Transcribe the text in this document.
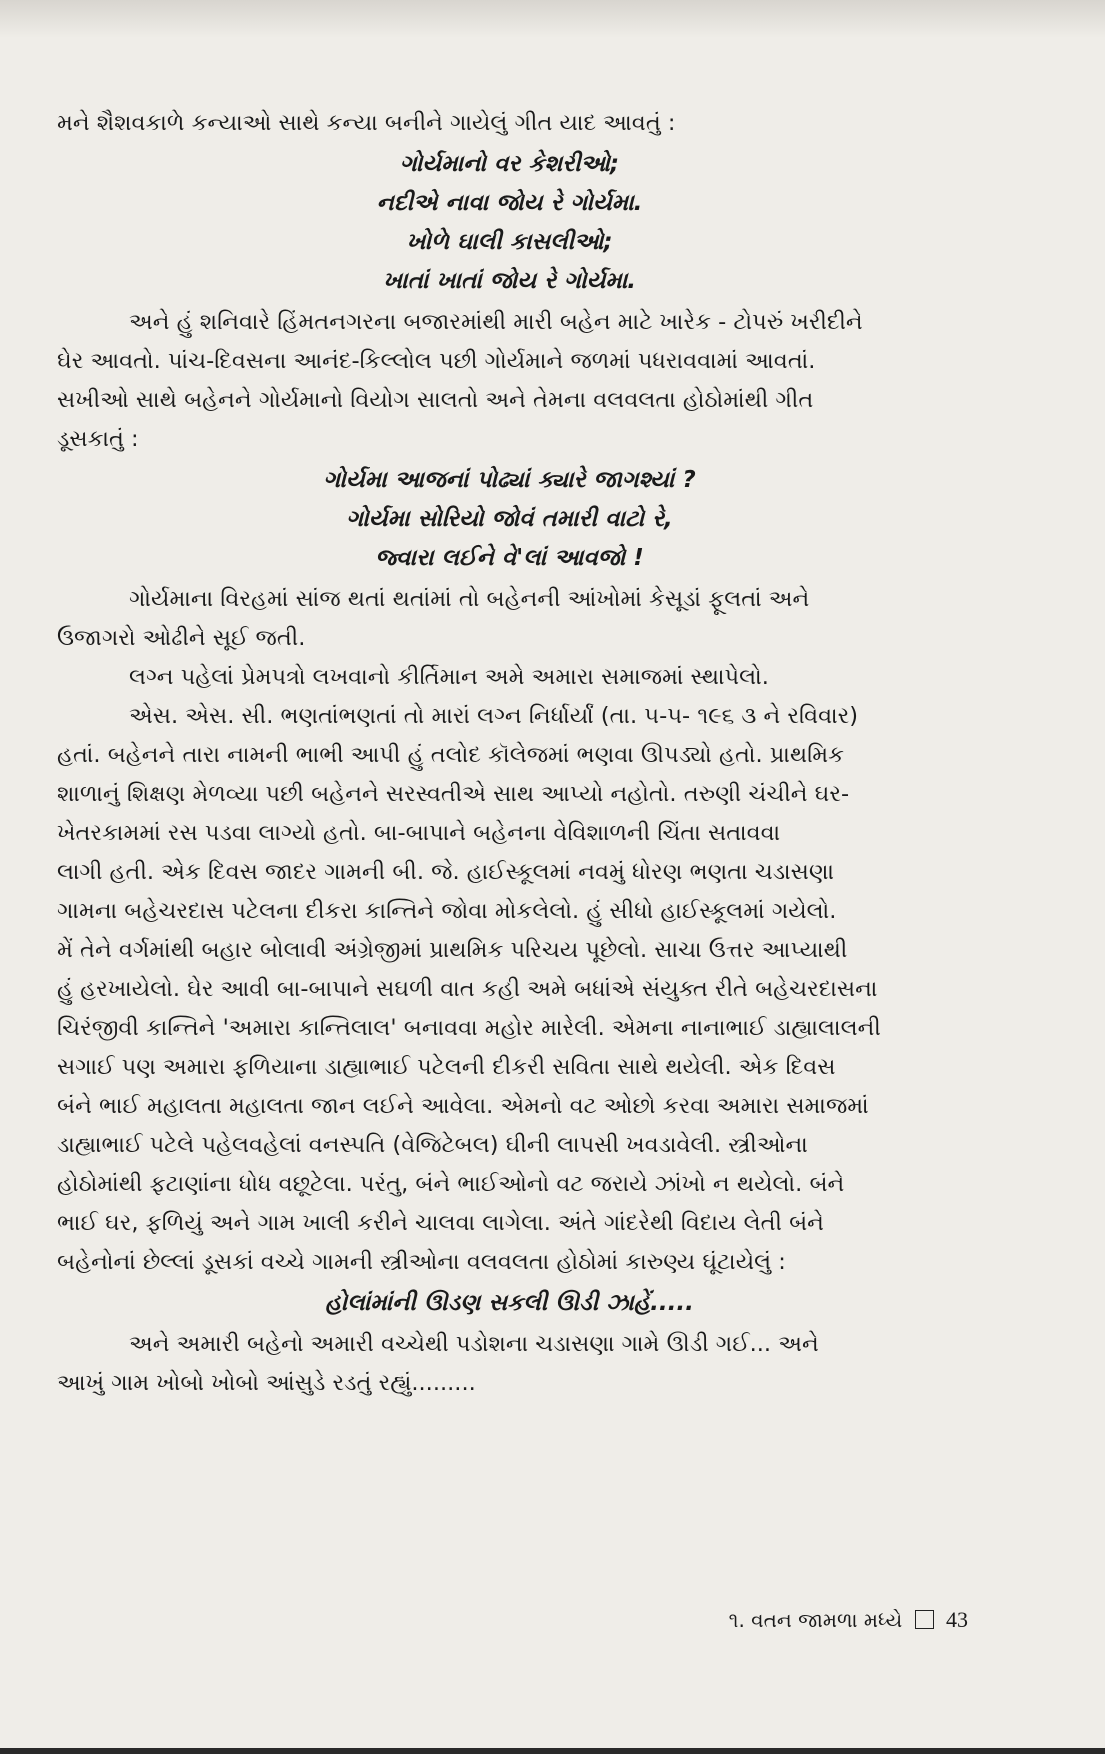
મને શૈશવકાળે કન્યાઓ સાથે કન્યા બનીને ગાયેલું ગીત યાદ આવતું :
ગોર્યમાનો વર કેશરીઓ;
નદીએ નાવા જોય રે ગોર્યમા.
ખોળે ઘાલી કાસલીઓ;
ખાતાં ખાતાં જોય રે ગોર્યમા.
અને હું શનિવારે હિંમતનગરના બજારમાંથી મારી બહેન માટે ખારેક - ટોપરું ખરીદીને
ઘેર આવતો. પાંચ-દિવસના આનંદ-કિલ્લોલ પછી ગોર્યમાને જળમાં પધરાવવામાં આવતાં.
સખીઓ સાથે બહેનને ગોર્યમાનો વિયોગ સાલતો અને તેમના વલવલતા હોઠોમાંથી ગીત
ડૂસકાતું :
ગોર્યમા આજનાં પોઢ્યાં ક્યારે જાગશ્યાં ?
ગોર્યમા સોરિયો જોવં તમારી વાટો રે,
જ્વારા લઈને વે'લાં આવજો !
ગોર્યમાના વિરહમાં સાંજ થતાં થતાંમાં તો બહેનની આંખોમાં કેસૂડાં ફૂલતાં અને
ઉજાગરો ઓઢીને સૂઈ જતી.
લગ્ન પહેલાં પ્રેમપત્રો લખવાનો કીર્તિમાન અમે અમારા સમાજમાં સ્થાપેલો.
એસ. એસ. સી. ભણતાંભણતાં તો મારાં લગ્ન નિર્ધાર્યાં (તા. ૫-૫- ૧૯૬ ૩ ને રવિવાર)
હતાં. બહેનને તારા નામની ભાભી આપી હું તલોદ કૉલેજમાં ભણવા ઊપડ્યો હતો. પ્રાથમિક
શાળાનું શિક્ષણ મેળવ્યા પછી બહેનને સરસ્વતીએ સાથ આપ્યો નહોતો. તરુણી ચંચીને ઘર-
ખેતરકામમાં રસ પડવા લાગ્યો હતો. બા-બાપાને બહેનના વેવિશાળની ચિંતા સતાવવા
લાગી હતી. એક દિવસ જાદર ગામની બી. જે. હાઈસ્કૂલમાં નવમું ધોરણ ભણતા ચડાસણા
ગામના બહેચરદાસ પટેલના દીકરા કાન્તિને જોવા મોકલેલો. હું સીધો હાઈસ્કૂલમાં ગયેલો.
મેં તેને વર્ગમાંથી બહાર બોલાવી અંગ્રેજીમાં પ્રાથમિક પરિચય પૂછેલો. સાચા ઉત્તર આપ્યાથી
હું હરખાયેલો. ઘેર આવી બા-બાપાને સઘળી વાત કહી અમે બધાંએ સંયુક્ત રીતે બહેચરદાસના
ચિરંજીવી કાન્તિને 'અમારા કાન્તિલાલ' બનાવવા મહોર મારેલી. એમના નાનાભાઈ ડાહ્યાલાલની
સગાઈ પણ અમારા ફળિયાના ડાહ્યાભાઈ પટેલની દીકરી સવિતા સાથે થયેલી. એક દિવસ
બંને ભાઈ મહાલતા મહાલતા જાન લઈને આવેલા. એમનો વટ ઓછો કરવા અમારા સમાજમાં
ડાહ્યાભાઈ પટેલે પહેલવહેલાં વનસ્પતિ (વેજિટેબલ) ઘીની લાપસી ખવડાવેલી. સ્ત્રીઓના
હોઠોમાંથી ફટાણાંના ધોધ વછૂટેલા. પરંતુ, બંને ભાઈઓનો વટ જરાયે ઝાંખો ન થયેલો. બંને
ભાઈ ઘર, ફળિયું અને ગામ ખાલી કરીને ચાલવા લાગેલા. અંતે ગાંદરેથી વિદાય લેતી બંને
બહેનોનાં છેલ્લાં ડૂસકાં વચ્ચે ગામની સ્ત્રીઓના વલવલતા હોઠોમાં કારુણ્ય ઘૂંટાયેલું :
હોલાંમાંની ઊડણ સકલી ઊડી ઝાહેં.....
અને અમારી બહેનો અમારી વચ્ચેથી પડોશના ચડાસણા ગામે ઊડી ગઈ... અને
આખું ગામ ખોબો ખોબો આંસુડે રડતું રહ્યું.........
૧. વતન જામળા મધ્યે 43
